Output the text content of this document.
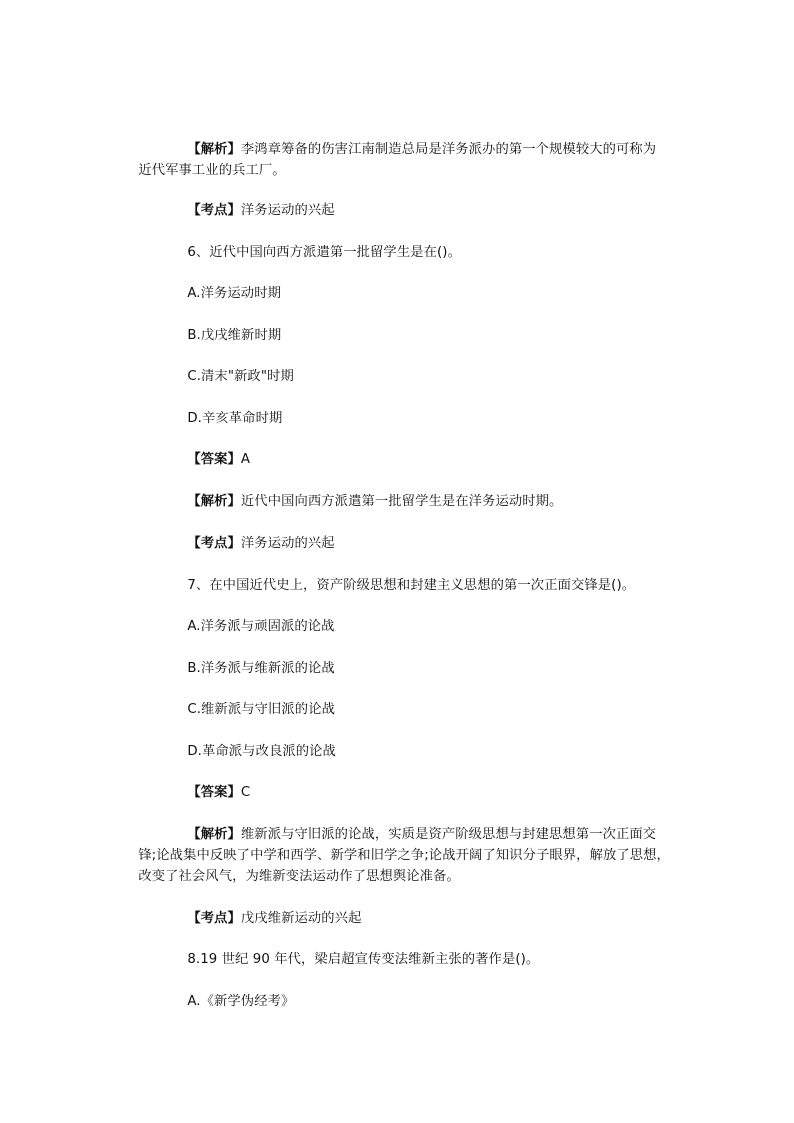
【解析】李鸿章筹备的伤害江南制造总局是洋务派办的第一个规模较大的可称为

近代军事工业的兵工厂。

【考点】洋务运动的兴起

6、近代中国向西方派遣第一批留学生是在()。

A.洋务运动时期

B.戊戌维新时期

C.清末"新政"时期

D.辛亥革命时期

【答案】A

【解析】近代中国向西方派遣第一批留学生是在洋务运动时期。

【考点】洋务运动的兴起

7、在中国近代史上，资产阶级思想和封建主义思想的第一次正面交锋是()。

A.洋务派与顽固派的论战

B.洋务派与维新派的论战

C.维新派与守旧派的论战

D.革命派与改良派的论战

【答案】C

【解析】维新派与守旧派的论战，实质是资产阶级思想与封建思想第一次正面交

锋;论战集中反映了中学和西学、新学和旧学之争;论战开阔了知识分子眼界，解放了思想，

改变了社会风气，为维新变法运动作了思想舆论准备。

【考点】戊戌维新运动的兴起

8.19 世纪 90 年代，梁启超宣传变法维新主张的著作是()。

A.《新学伪经考》
